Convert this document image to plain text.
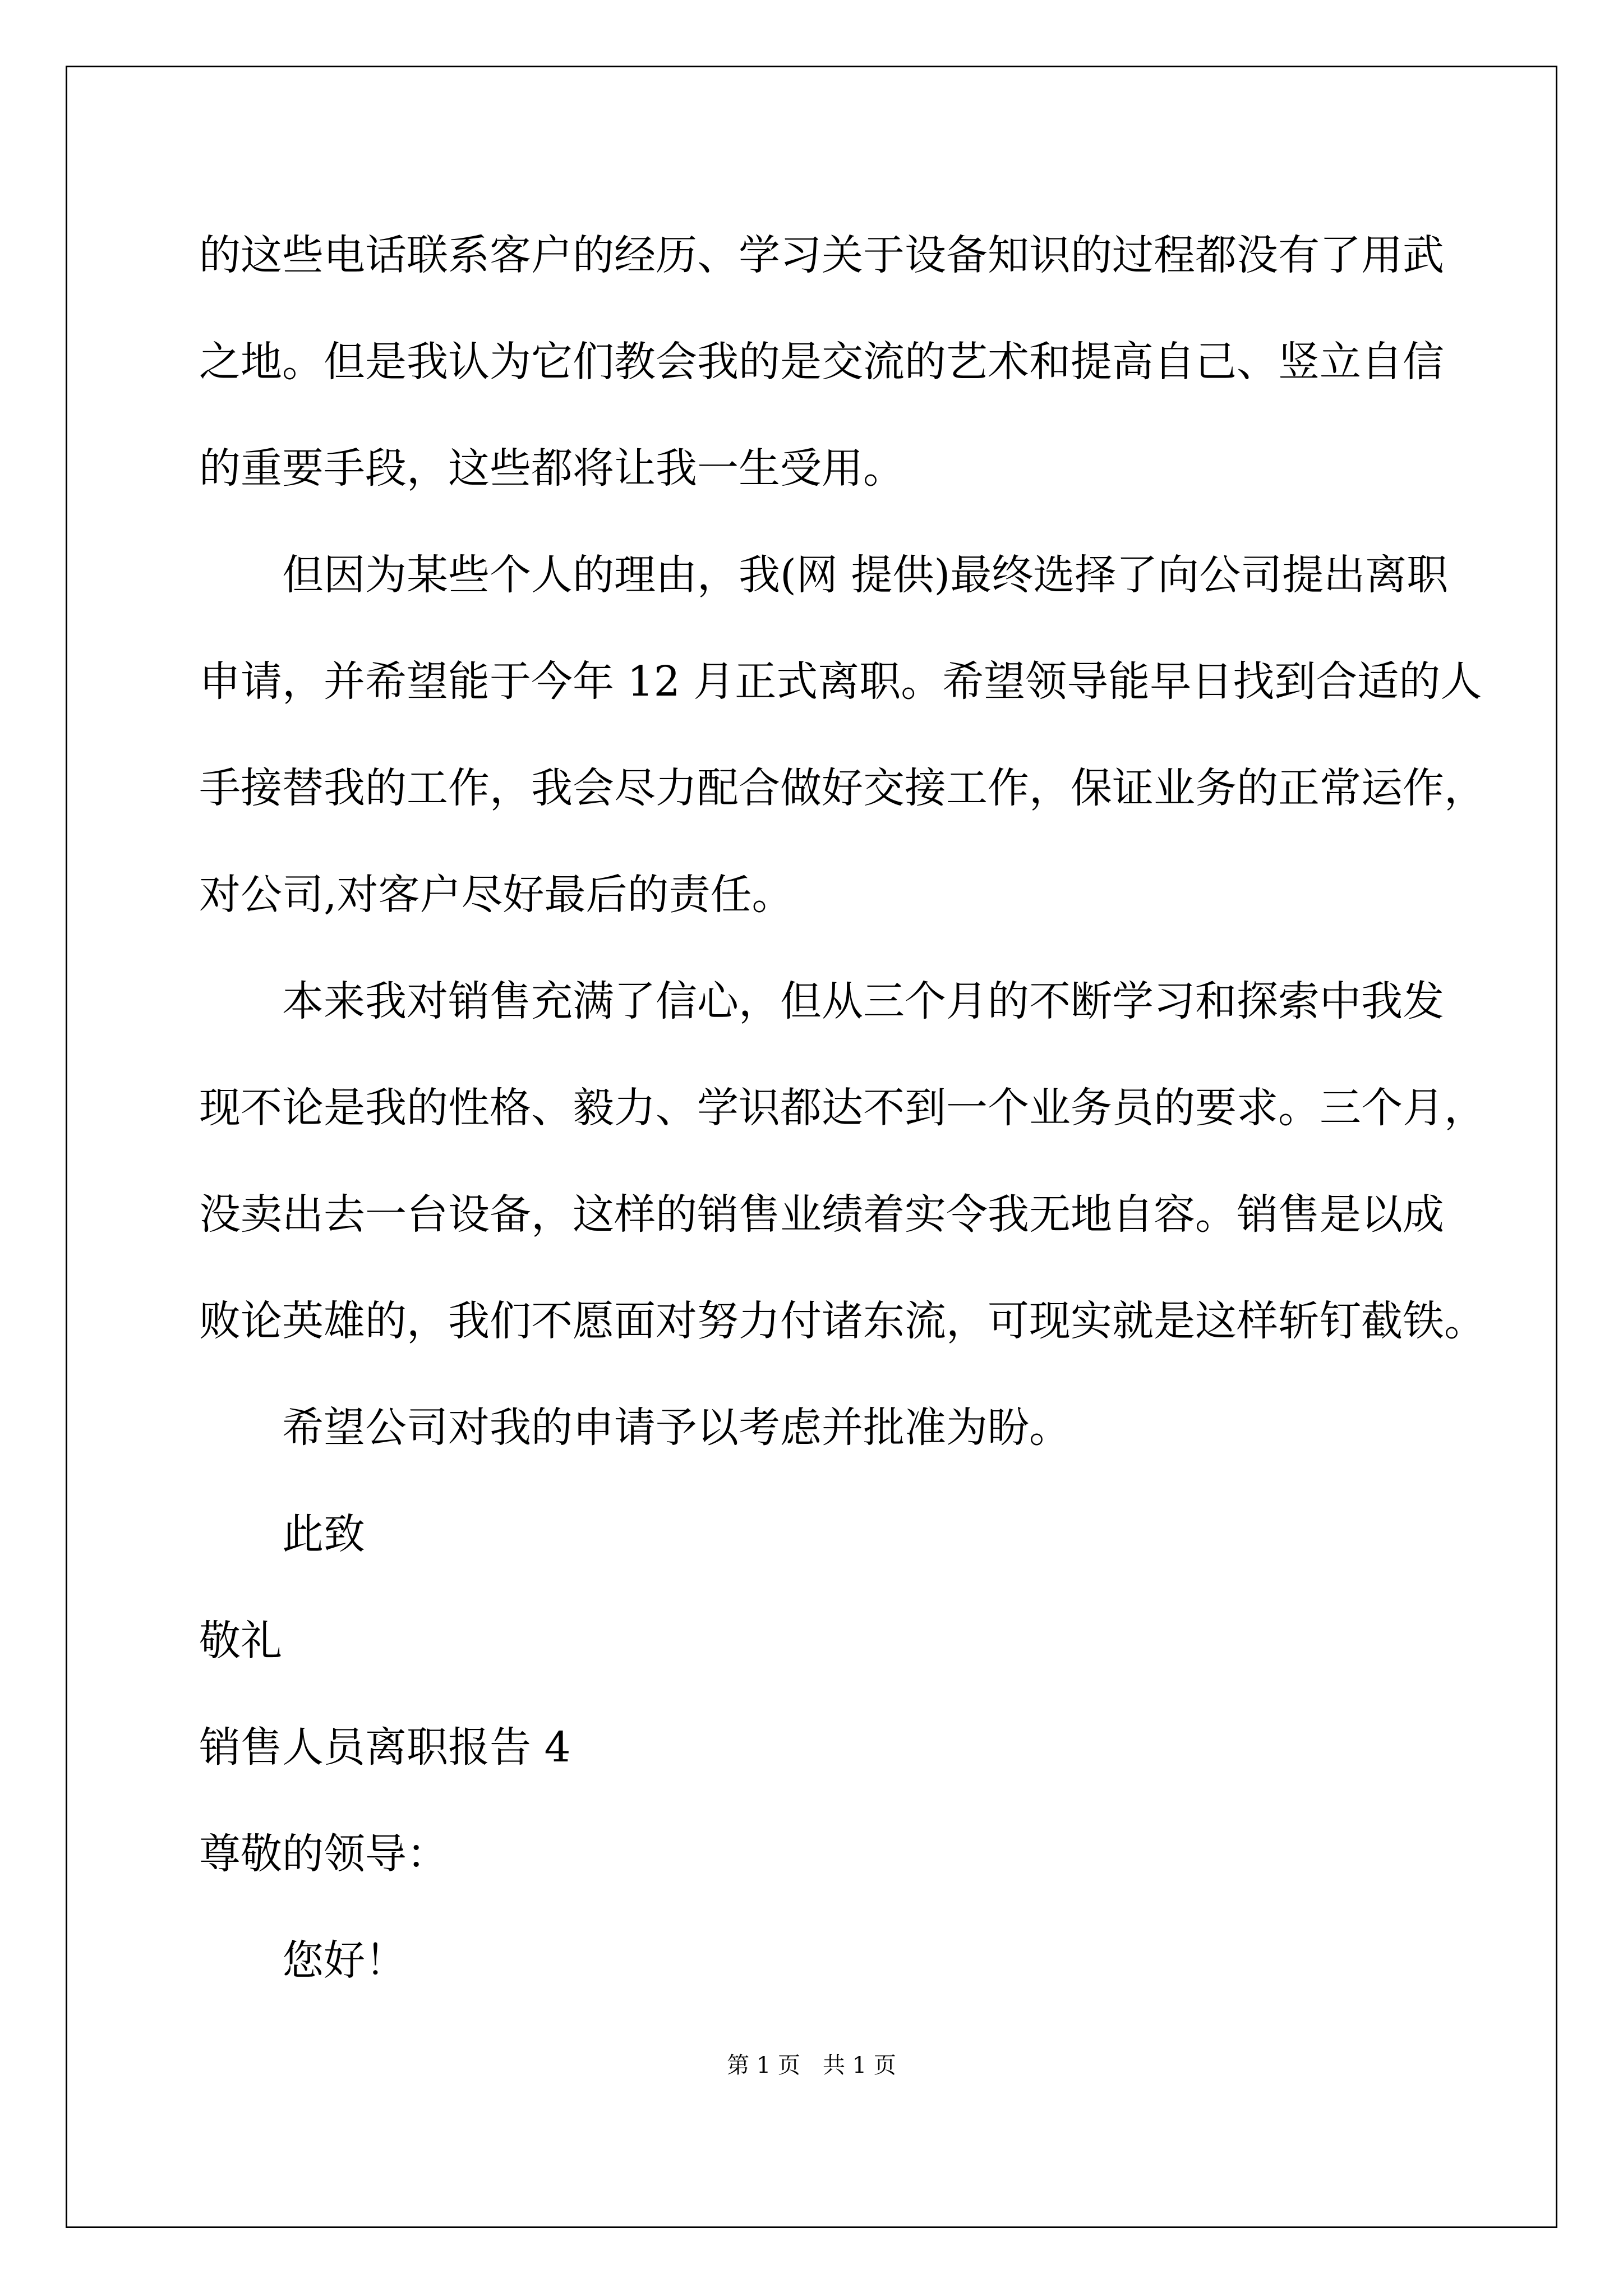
的这些电话联系客户的经历、学习关于设备知识的过程都没有了用武
之地。但是我认为它们教会我的是交流的艺术和提高自己、竖立自信
的重要手段，这些都将让我一生受用。
但因为某些个人的理由，我(网 提供)最终选择了向公司提出离职
申请，并希望能于今年 12 月正式离职。希望领导能早日找到合适的人
手接替我的工作，我会尽力配合做好交接工作，保证业务的正常运作，
对公司,对客户尽好最后的责任。
本来我对销售充满了信心，但从三个月的不断学习和探索中我发
现不论是我的性格、毅力、学识都达不到一个业务员的要求。三个月，
没卖出去一台设备，这样的销售业绩着实令我无地自容。销售是以成
败论英雄的，我们不愿面对努力付诸东流，可现实就是这样斩钉截铁。
希望公司对我的申请予以考虑并批准为盼。
此致
敬礼
销售人员离职报告 4
尊敬的领导：
您好！
第 1 页　共 1 页
